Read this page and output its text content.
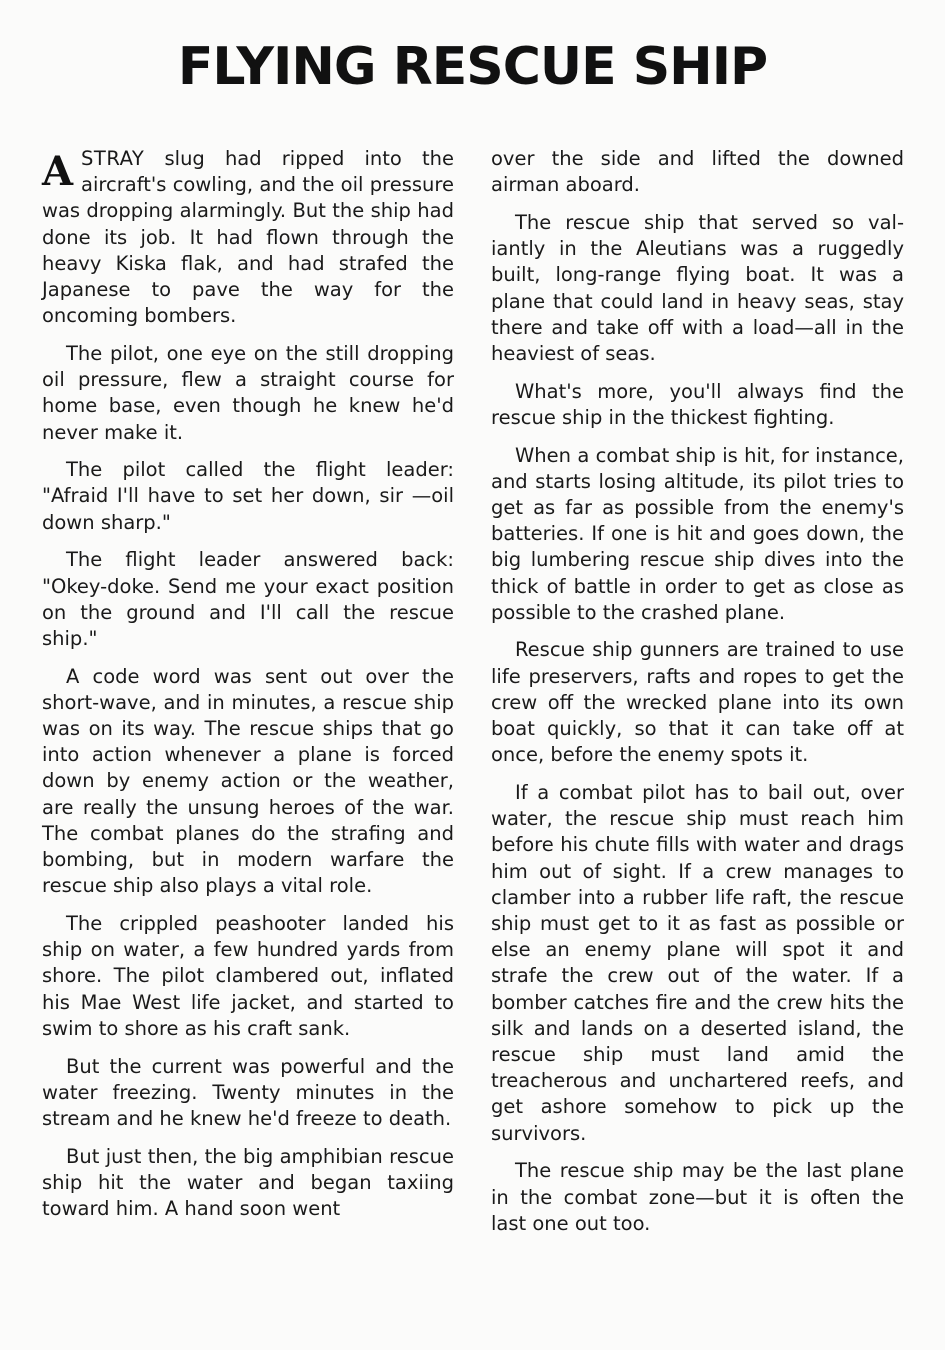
FLYING RESCUE SHIP

ASTRAY slug had ripped into the aircraft's cowling, and the oil pressure was dropping alarmingly. But the ship had done its job. It had flown through the heavy Kiska flak, and had strafed the Japanese to pave the way for the oncoming bombers.

The pilot, one eye on the still dropping oil pressure, flew a straight course for home base, even though he knew he'd never make it.

The pilot called the flight leader: "Afraid I'll have to set her down, sir —oil down sharp."

The flight leader answered back: "Okey-doke. Send me your exact position on the ground and I'll call the rescue ship."

A code word was sent out over the short-wave, and in minutes, a rescue ship was on its way. The rescue ships that go into action whenever a plane is forced down by enemy action or the weather, are really the unsung heroes of the war. The combat planes do the strafing and bombing, but in modern warfare the rescue ship also plays a vital role.

The crippled peashooter landed his ship on water, a few hundred yards from shore. The pilot clambered out, inflated his Mae West life jacket, and started to swim to shore as his craft sank.

But the current was powerful and the water freezing. Twenty minutes in the stream and he knew he'd freeze to death.

But just then, the big amphibian rescue ship hit the water and began taxiing toward him. A hand soon went

over the side and lifted the downed airman aboard.

The rescue ship that served so valiantly in the Aleutians was a ruggedly built, long-range flying boat. It was a plane that could land in heavy seas, stay there and take off with a load—all in the heaviest of seas.

What's more, you'll always find the rescue ship in the thickest fighting.

When a combat ship is hit, for instance, and starts losing altitude, its pilot tries to get as far as possible from the enemy's batteries. If one is hit and goes down, the big lumbering rescue ship dives into the thick of battle in order to get as close as possible to the crashed plane.

Rescue ship gunners are trained to use life preservers, rafts and ropes to get the crew off the wrecked plane into its own boat quickly, so that it can take off at once, before the enemy spots it.

If a combat pilot has to bail out, over water, the rescue ship must reach him before his chute fills with water and drags him out of sight. If a crew manages to clamber into a rubber life raft, the rescue ship must get to it as fast as possible or else an enemy plane will spot it and strafe the crew out of the water. If a bomber catches fire and the crew hits the silk and lands on a deserted island, the rescue ship must land amid the treacherous and unchartered reefs, and get ashore somehow to pick up the survivors.

The rescue ship may be the last plane in the combat zone—but it is often the last one out too.
